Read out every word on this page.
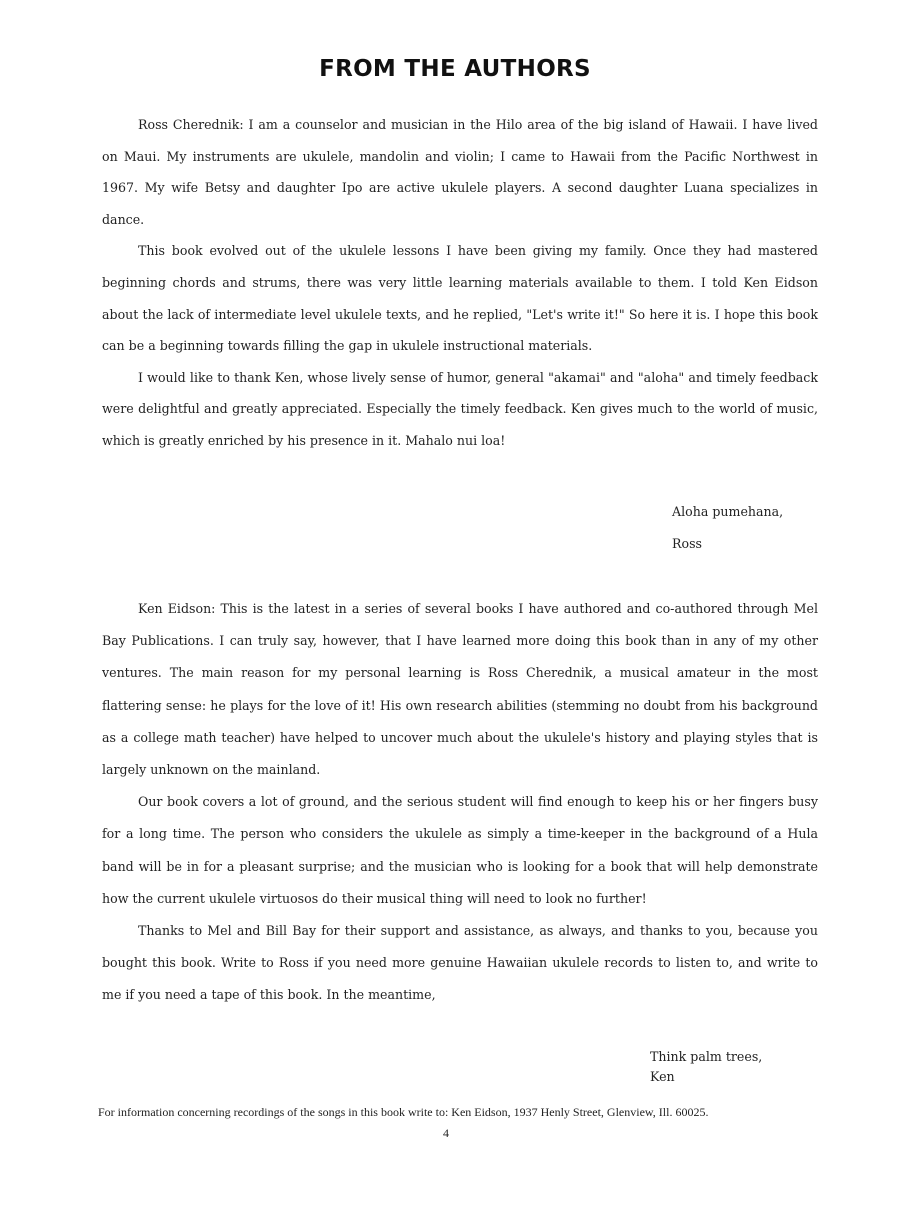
FROM THE AUTHORS

Ross Cherednik: I am a counselor and musician in the Hilo area of the big island of Hawaii. I have lived on Maui. My instruments are ukulele, mandolin and violin; I came to Hawaii from the Pacific Northwest in 1967. My wife Betsy and daughter Ipo are active ukulele players. A second daughter Luana specializes in dance.

This book evolved out of the ukulele lessons I have been giving my family. Once they had mastered beginning chords and strums, there was very little learning materials available to them. I told Ken Eidson about the lack of intermediate level ukulele texts, and he replied, "Let's write it!" So here it is. I hope this book can be a beginning towards filling the gap in ukulele instructional materials.

I would like to thank Ken, whose lively sense of humor, general "akamai" and "aloha" and timely feedback were delightful and greatly appreciated. Especially the timely feedback. Ken gives much to the world of music, which is greatly enriched by his presence in it. Mahalo nui loa!

Aloha pumehana,
Ross

Ken Eidson: This is the latest in a series of several books I have authored and co-authored through Mel Bay Publications. I can truly say, however, that I have learned more doing this book than in any of my other ventures. The main reason for my personal learning is Ross Cherednik, a musical amateur in the most flattering sense: he plays for the love of it! His own research abilities (stemming no doubt from his background as a college math teacher) have helped to uncover much about the ukulele's history and playing styles that is largely unknown on the mainland.

Our book covers a lot of ground, and the serious student will find enough to keep his or her fingers busy for a long time. The person who considers the ukulele as simply a time-keeper in the background of a Hula band will be in for a pleasant surprise; and the musician who is looking for a book that will help demonstrate how the current ukulele virtuosos do their musical thing will need to look no further!

Thanks to Mel and Bill Bay for their support and assistance, as always, and thanks to you, because you bought this book. Write to Ross if you need more genuine Hawaiian ukulele records to listen to, and write to me if you need a tape of this book. In the meantime,

Think palm trees,
Ken
For information concerning recordings of the songs in this book write to: Ken Eidson, 1937 Henly Street, Glenview, Ill. 60025.
4
